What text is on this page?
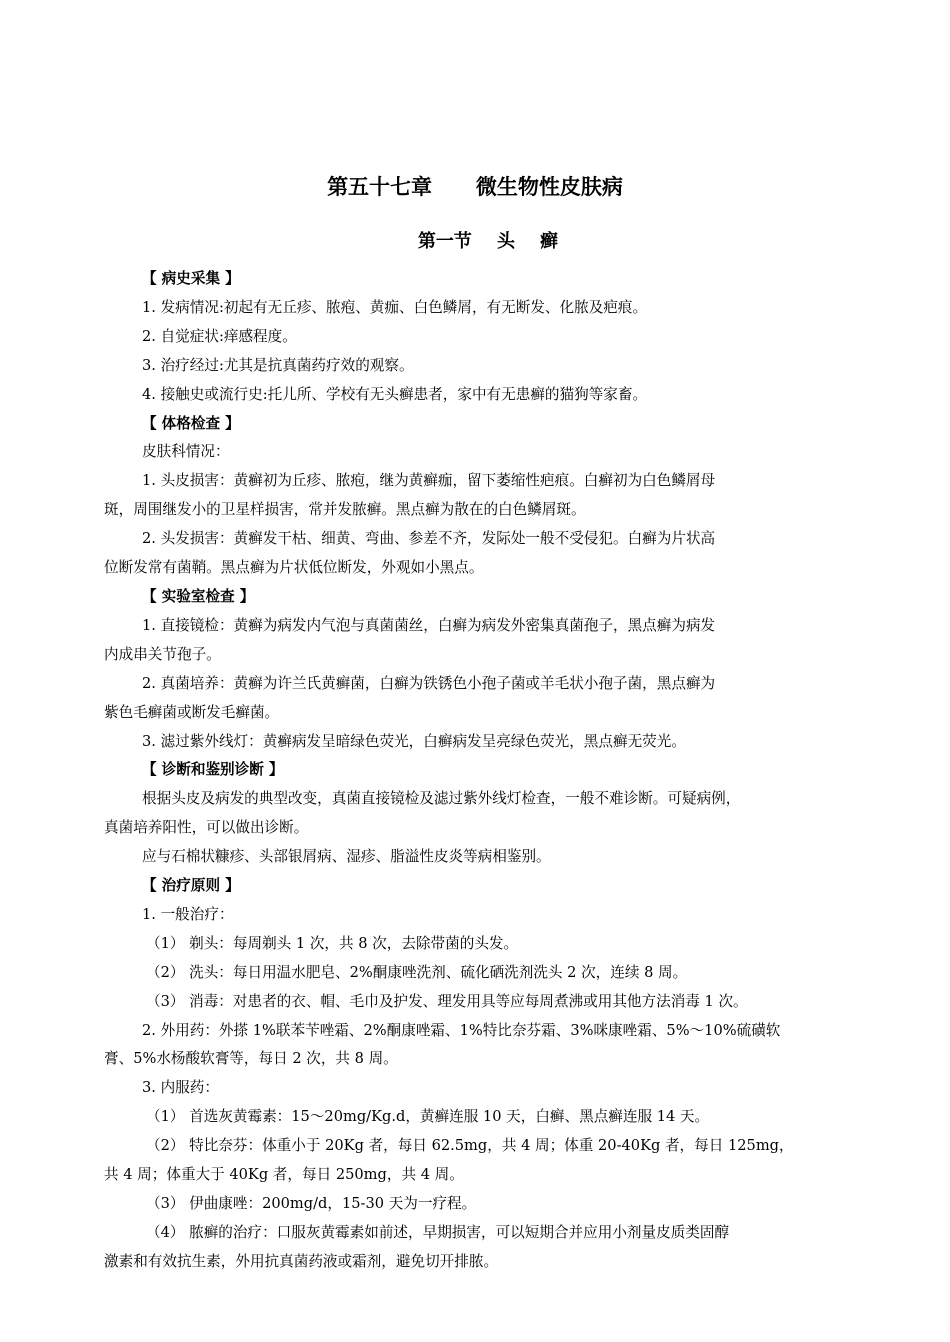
第五十七章      微生物性皮肤病
第一节    头    癣

【 病史采集 】

1. 发病情况:初起有无丘疹、脓疱、黄痂、白色鳞屑，有无断发、化脓及疤痕。

2. 自觉症状:痒感程度。

3. 治疗经过:尤其是抗真菌药疗效的观察。

4. 接触史或流行史:托儿所、学校有无头癣患者，家中有无患癣的猫狗等家畜。

【 体格检查 】

皮肤科情况：

1. 头皮损害：黄癣初为丘疹、脓疱，继为黄癣痂，留下萎缩性疤痕。白癣初为白色鳞屑母

斑，周围继发小的卫星样损害，常并发脓癣。黑点癣为散在的白色鳞屑斑。

2. 头发损害：黄癣发干枯、细黄、弯曲、参差不齐，发际处一般不受侵犯。白癣为片状高

位断发常有菌鞘。黑点癣为片状低位断发，外观如小黑点。

【 实验室检查 】

1. 直接镜检：黄癣为病发内气泡与真菌菌丝，白癣为病发外密集真菌孢子，黑点癣为病发

内成串关节孢子。

2. 真菌培养：黄癣为许兰氏黄癣菌，白癣为铁锈色小孢子菌或羊毛状小孢子菌，黑点癣为

紫色毛癣菌或断发毛癣菌。

3. 滤过紫外线灯：黄癣病发呈暗绿色荧光，白癣病发呈亮绿色荧光，黑点癣无荧光。

【 诊断和鉴别诊断 】

根据头皮及病发的典型改变，真菌直接镜检及滤过紫外线灯检查，一般不难诊断。可疑病例，

真菌培养阳性，可以做出诊断。

应与石棉状糠疹、头部银屑病、湿疹、脂溢性皮炎等病相鉴别。

【 治疗原则 】

1. 一般治疗：

（1） 剃头：每周剃头 1 次，共 8 次，去除带菌的头发。

（2） 洗头：每日用温水肥皂、2%酮康唑洗剂、硫化硒洗剂洗头 2 次，连续 8 周。

（3） 消毒：对患者的衣、帽、毛巾及护发、理发用具等应每周煮沸或用其他方法消毒 1 次。

2. 外用药：外搽 1%联苯苄唑霜、2%酮康唑霜、1%特比奈芬霜、3%咪康唑霜、5%～10%硫磺软

膏、5%水杨酸软膏等，每日 2 次，共 8 周。

3. 内服药：

（1） 首选灰黄霉素：15～20mg/Kg.d，黄癣连服 10 天，白癣、黑点癣连服 14 天。

（2） 特比奈芬：体重小于 20Kg 者，每日 62.5mg，共 4 周；体重 20-40Kg 者，每日 125mg，

共 4 周；体重大于 40Kg 者，每日 250mg，共 4 周。

（3） 伊曲康唑：200mg/d，15-30 天为一疗程。

（4） 脓癣的治疗：口服灰黄霉素如前述，早期损害，可以短期合并应用小剂量皮质类固醇

激素和有效抗生素，外用抗真菌药液或霜剂，避免切开排脓。
